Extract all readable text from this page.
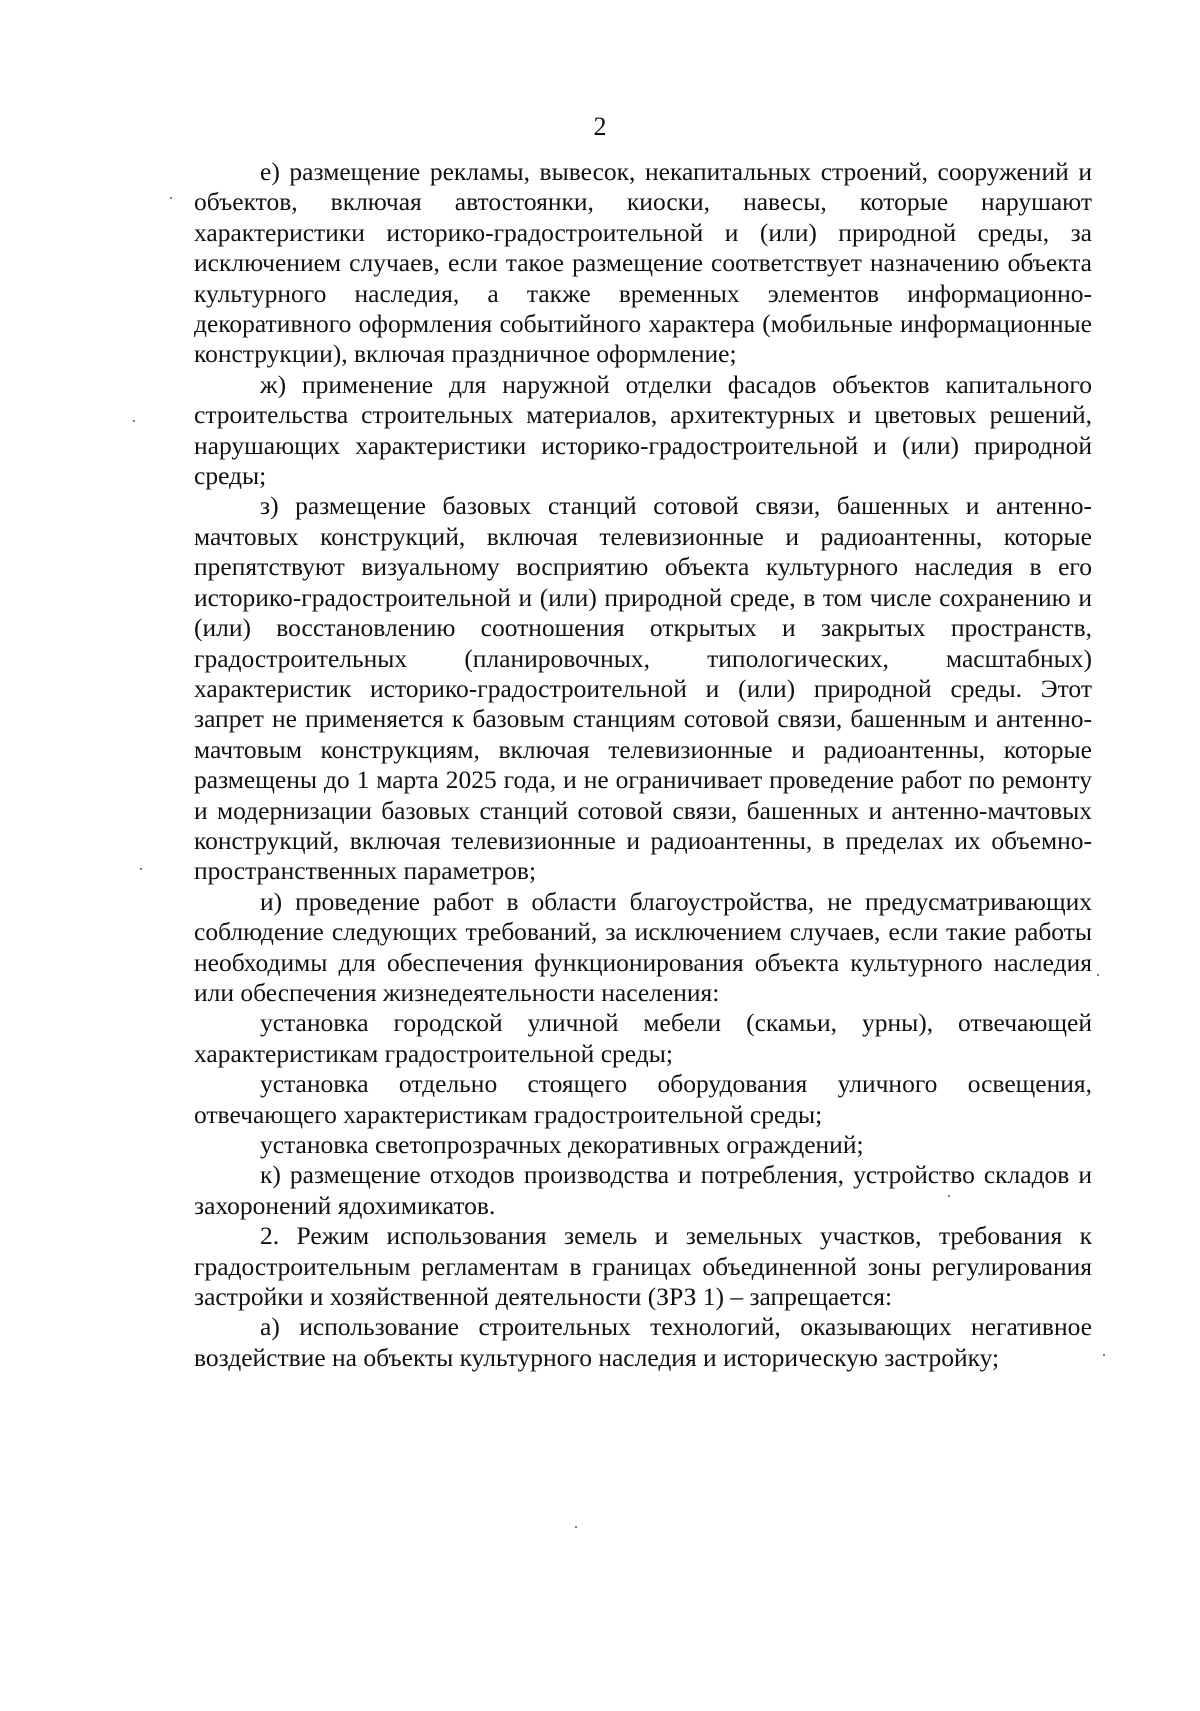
2

е) размещение рекламы, вывесок, некапитальных строений, сооружений и объектов, включая автостоянки, киоски, навесы, которые нарушают характеристики историко-градостроительной и (или) природной среды, за исключением случаев, если такое размещение соответствует назначению объекта культурного наследия, а также временных элементов информационно-декоративного оформления событийного характера (мобильные информационные конструкции), включая праздничное оформление;

ж) применение для наружной отделки фасадов объектов капитального строительства строительных материалов, архитектурных и цветовых решений, нарушающих характеристики историко-градостроительной и (или) природной среды;

з) размещение базовых станций сотовой связи, башенных и антенно-мачтовых конструкций, включая телевизионные и радиоантенны, которые препятствуют визуальному восприятию объекта культурного наследия в его историко-градостроительной и (или) природной среде, в том числе сохранению и (или) восстановлению соотношения открытых и закрытых пространств, градостроительных (планировочных, типологических, масштабных) характеристик историко-градостроительной и (или) природной среды. Этот запрет не применяется к базовым станциям сотовой связи, башенным и антенно-мачтовым конструкциям, включая телевизионные и радиоантенны, которые размещены до 1 марта 2025 года, и не ограничивает проведение работ по ремонту и модернизации базовых станций сотовой связи, башенных и антенно-мачтовых конструкций, включая телевизионные и радиоантенны, в пределах их объемно-пространственных параметров;

и) проведение работ в области благоустройства, не предусматривающих соблюдение следующих требований, за исключением случаев, если такие работы необходимы для обеспечения функционирования объекта культурного наследия или обеспечения жизнедеятельности населения:

установка городской уличной мебели (скамьи, урны), отвечающей характеристикам градостроительной среды;

установка отдельно стоящего оборудования уличного освещения, отвечающего характеристикам градостроительной среды;

установка светопрозрачных декоративных ограждений;

к) размещение отходов производства и потребления, устройство складов и захоронений ядохимикатов.

2. Режим использования земель и земельных участков, требования к градостроительным регламентам в границах объединенной зоны регулирования застройки и хозяйственной деятельности (ЗРЗ 1) – запрещается:

а) использование строительных технологий, оказывающих негативное воздействие на объекты культурного наследия и историческую застройку;
